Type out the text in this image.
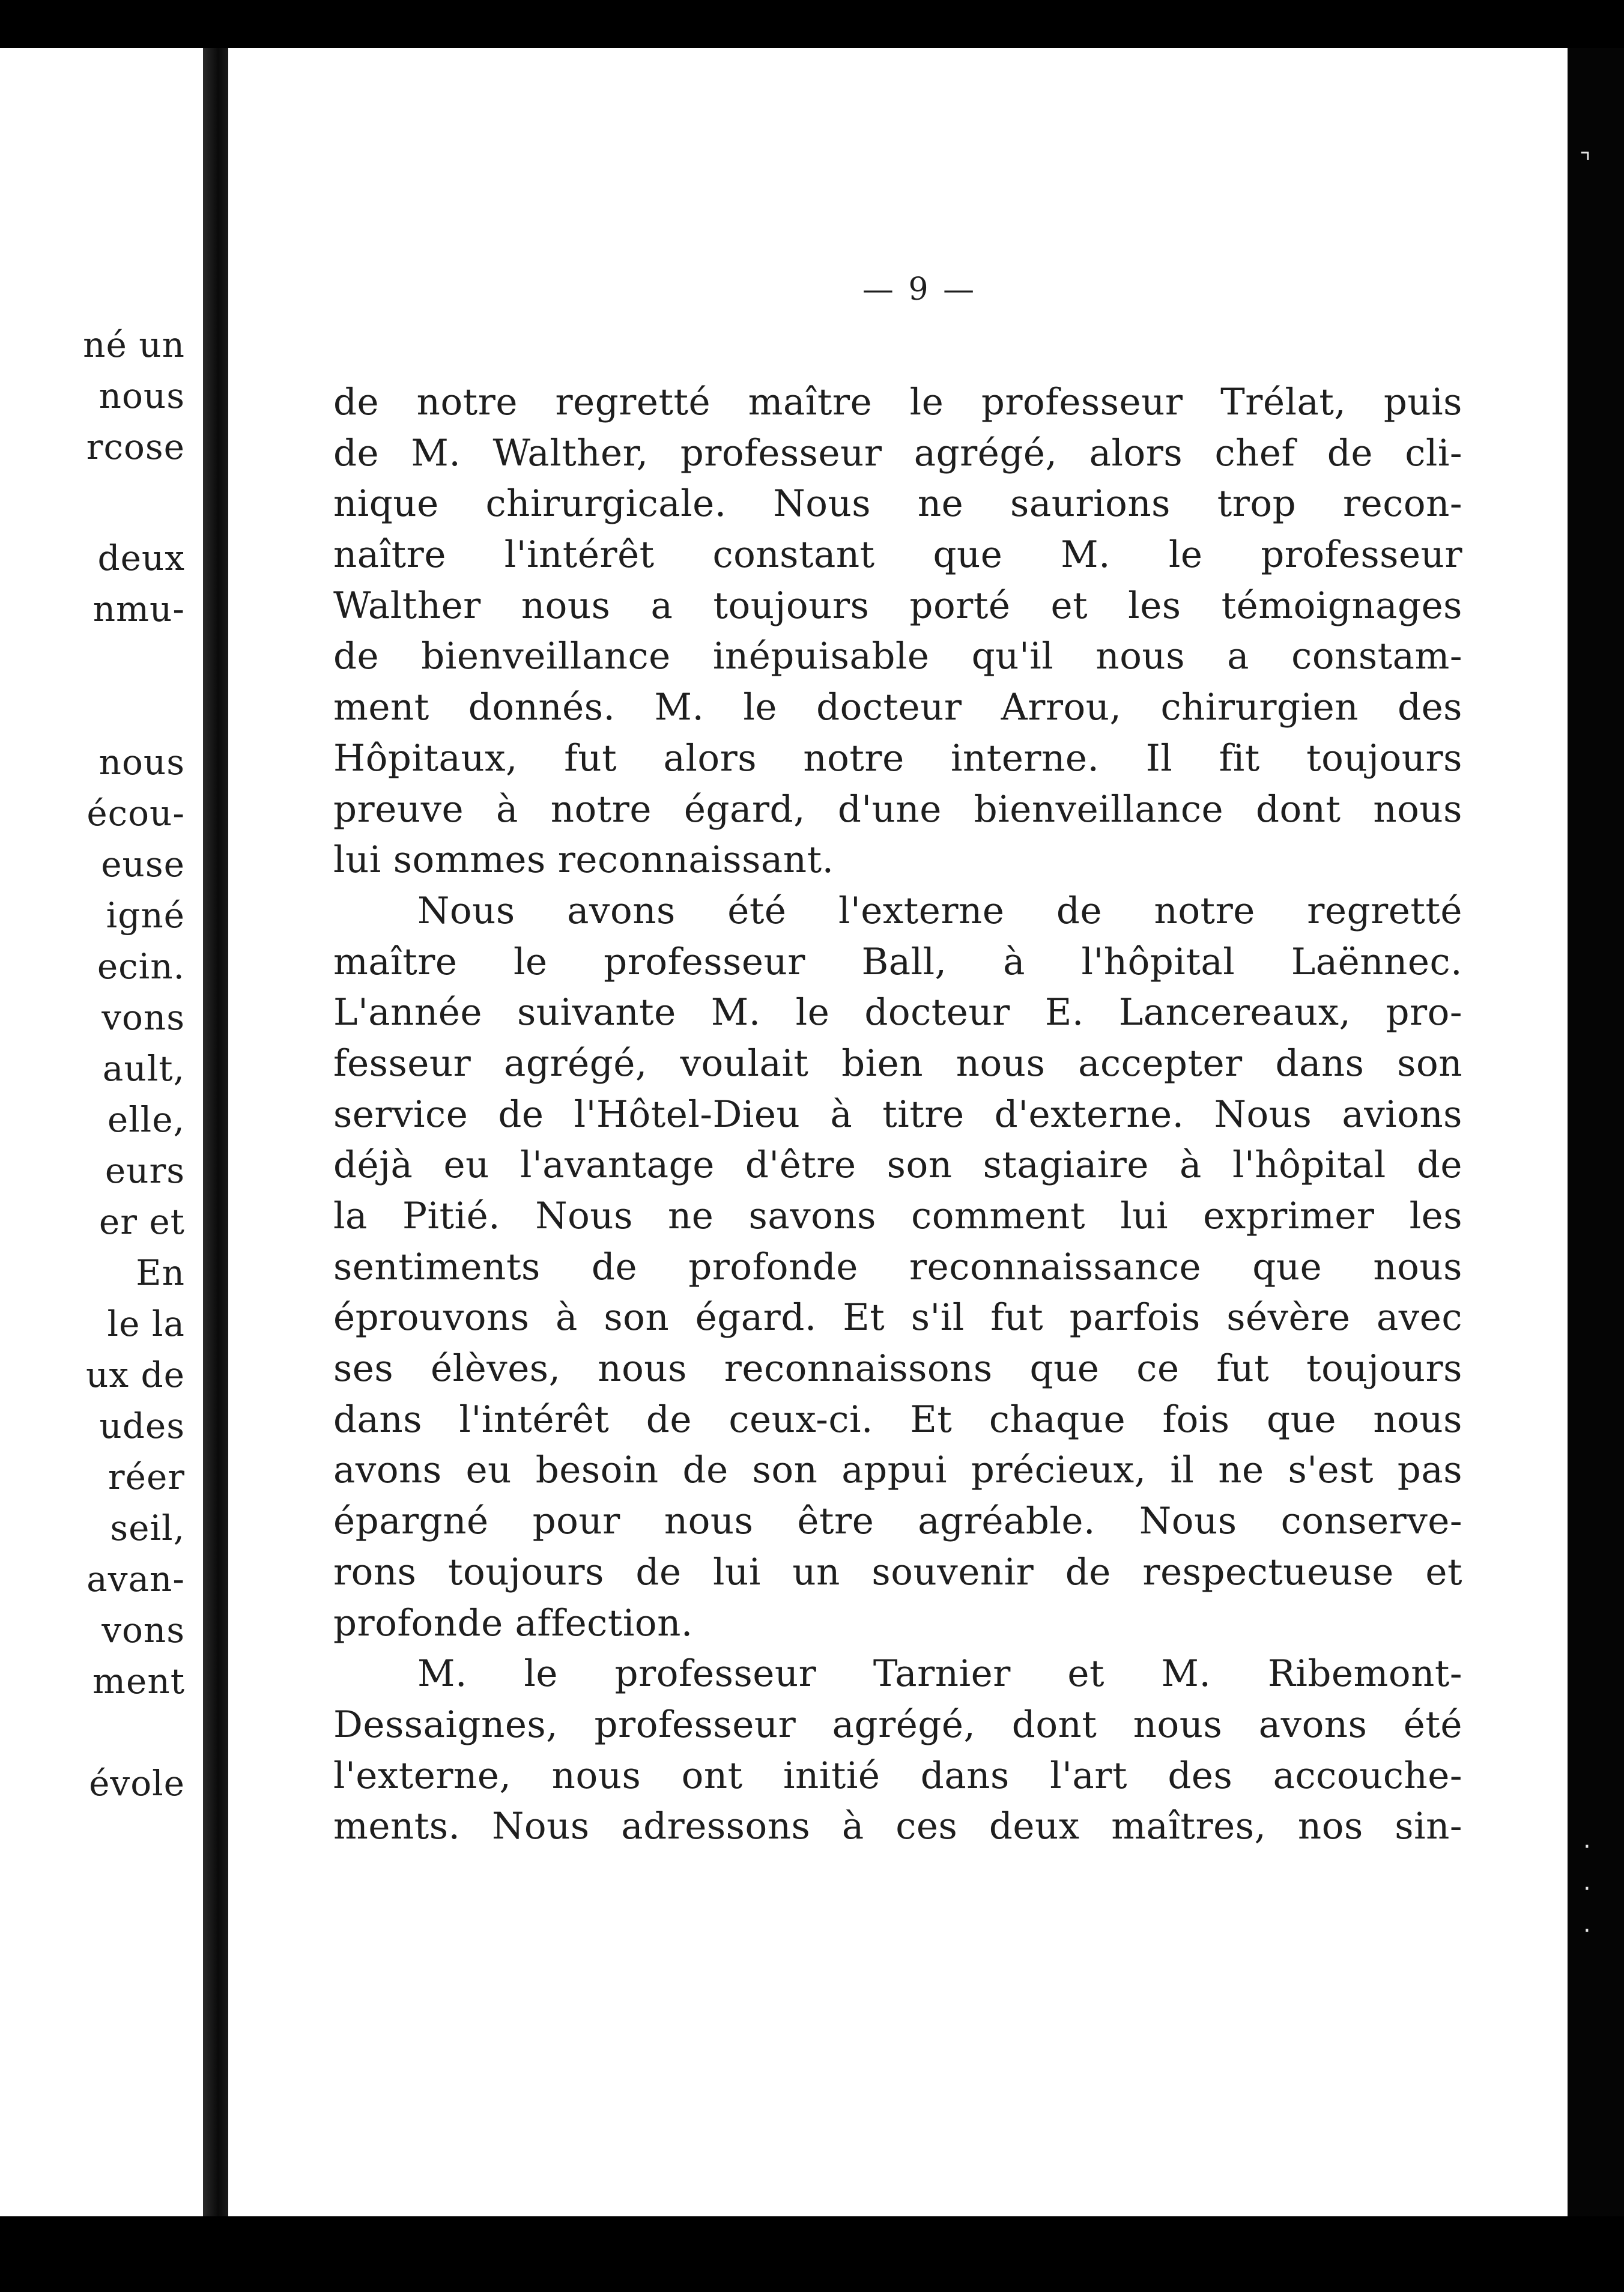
né un
nous
rcose
deux
nmu-
nous
écou-
euse
igné
ecin.
vons
ault,
elle,
eurs
er et
En
le la
ux de
udes
réer
seil,
avan-
vons
ment
évole
— 9 —
de notre regretté maître le professeur Trélat, puis
de M. Walther, professeur agrégé, alors chef de cli-
nique chirurgicale. Nous ne saurions trop recon-
naître l'intérêt constant que M. le professeur
Walther nous a toujours porté et les témoignages
de bienveillance inépuisable qu'il nous a constam-
ment donnés. M. le docteur Arrou, chirurgien des
Hôpitaux, fut alors notre interne. Il fit toujours
preuve à notre égard, d'une bienveillance dont nous
lui sommes reconnaissant.
Nous avons été l'externe de notre regretté
maître le professeur Ball, à l'hôpital Laënnec.
L'année suivante M. le docteur E. Lancereaux, pro-
fesseur agrégé, voulait bien nous accepter dans son
service de l'Hôtel-Dieu à titre d'externe. Nous avions
déjà eu l'avantage d'être son stagiaire à l'hôpital de
la Pitié. Nous ne savons comment lui exprimer les
sentiments de profonde reconnaissance que nous
éprouvons à son égard. Et s'il fut parfois sévère avec
ses élèves, nous reconnaissons que ce fut toujours
dans l'intérêt de ceux-ci. Et chaque fois que nous
avons eu besoin de son appui précieux, il ne s'est pas
épargné pour nous être agréable. Nous conserve-
rons toujours de lui un souvenir de respectueuse et
profonde affection.
M. le professeur Tarnier et M. Ribemont-
Dessaignes, professeur agrégé, dont nous avons été
l'externe, nous ont initié dans l'art des accouche-
ments. Nous adressons à ces deux maîtres, nos sin-
⌝
·
·
·
